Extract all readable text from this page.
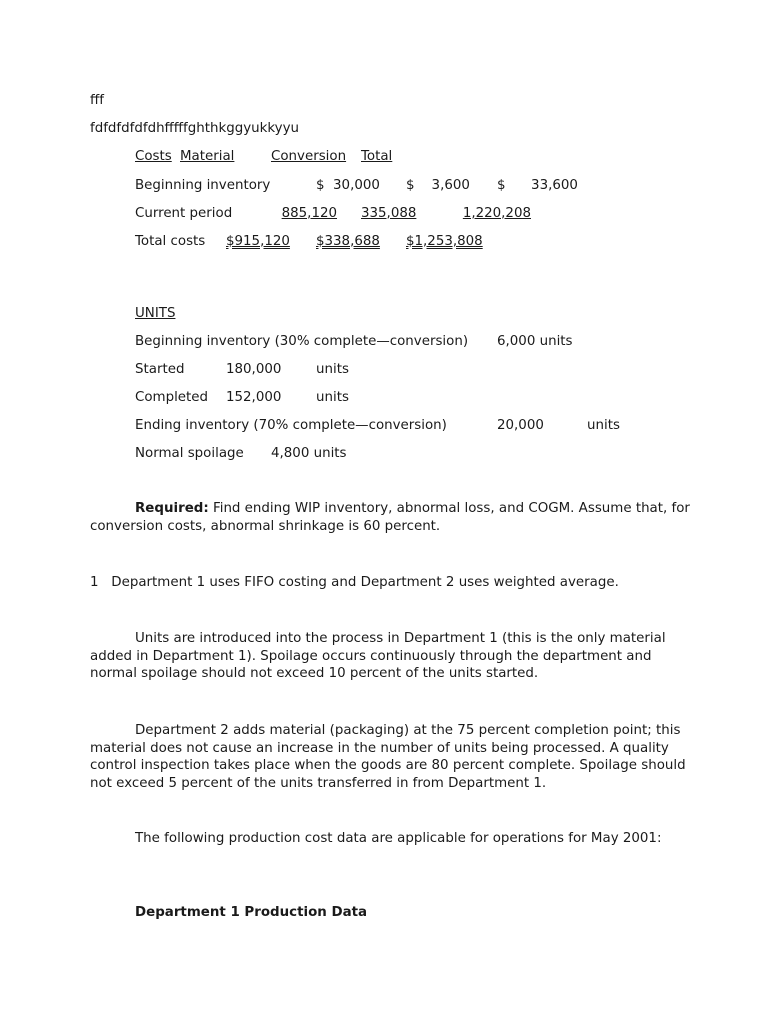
fff
fdfdfdfdfdhfffffghthkggyukkyyu
Costs Material	Conversion Total
Beginning inventory	$  30,000 $    3,600 $      33,600
Current period	885,120 335,088	1,220,208
Total costs $915,120 $338,688 $1,253,808
UNITS
Beginning inventory (30% complete—conversion) 6,000 units
Started	180,000	units
Completed 152,000	units
Ending inventory (70% complete—conversion)	20,000	units
Normal spoilage 4,800 units
Required: Find ending WIP inventory, abnormal loss, and COGM. Assume that, for conversion costs, abnormal shrinkage is 60 percent.
1   Department 1 uses FIFO costing and Department 2 uses weighted average.
Units are introduced into the process in Department 1 (this is the only material added in Department 1). Spoilage occurs continuously through the department and normal spoilage should not exceed 10 percent of the units started.
Department 2 adds material (packaging) at the 75 percent completion point; this material does not cause an increase in the number of units being processed. A quality control inspection takes place when the goods are 80 percent complete. Spoilage should not exceed 5 percent of the units transferred in from Department 1.
The following production cost data are applicable for operations for May 2001:
Department 1 Production Data
